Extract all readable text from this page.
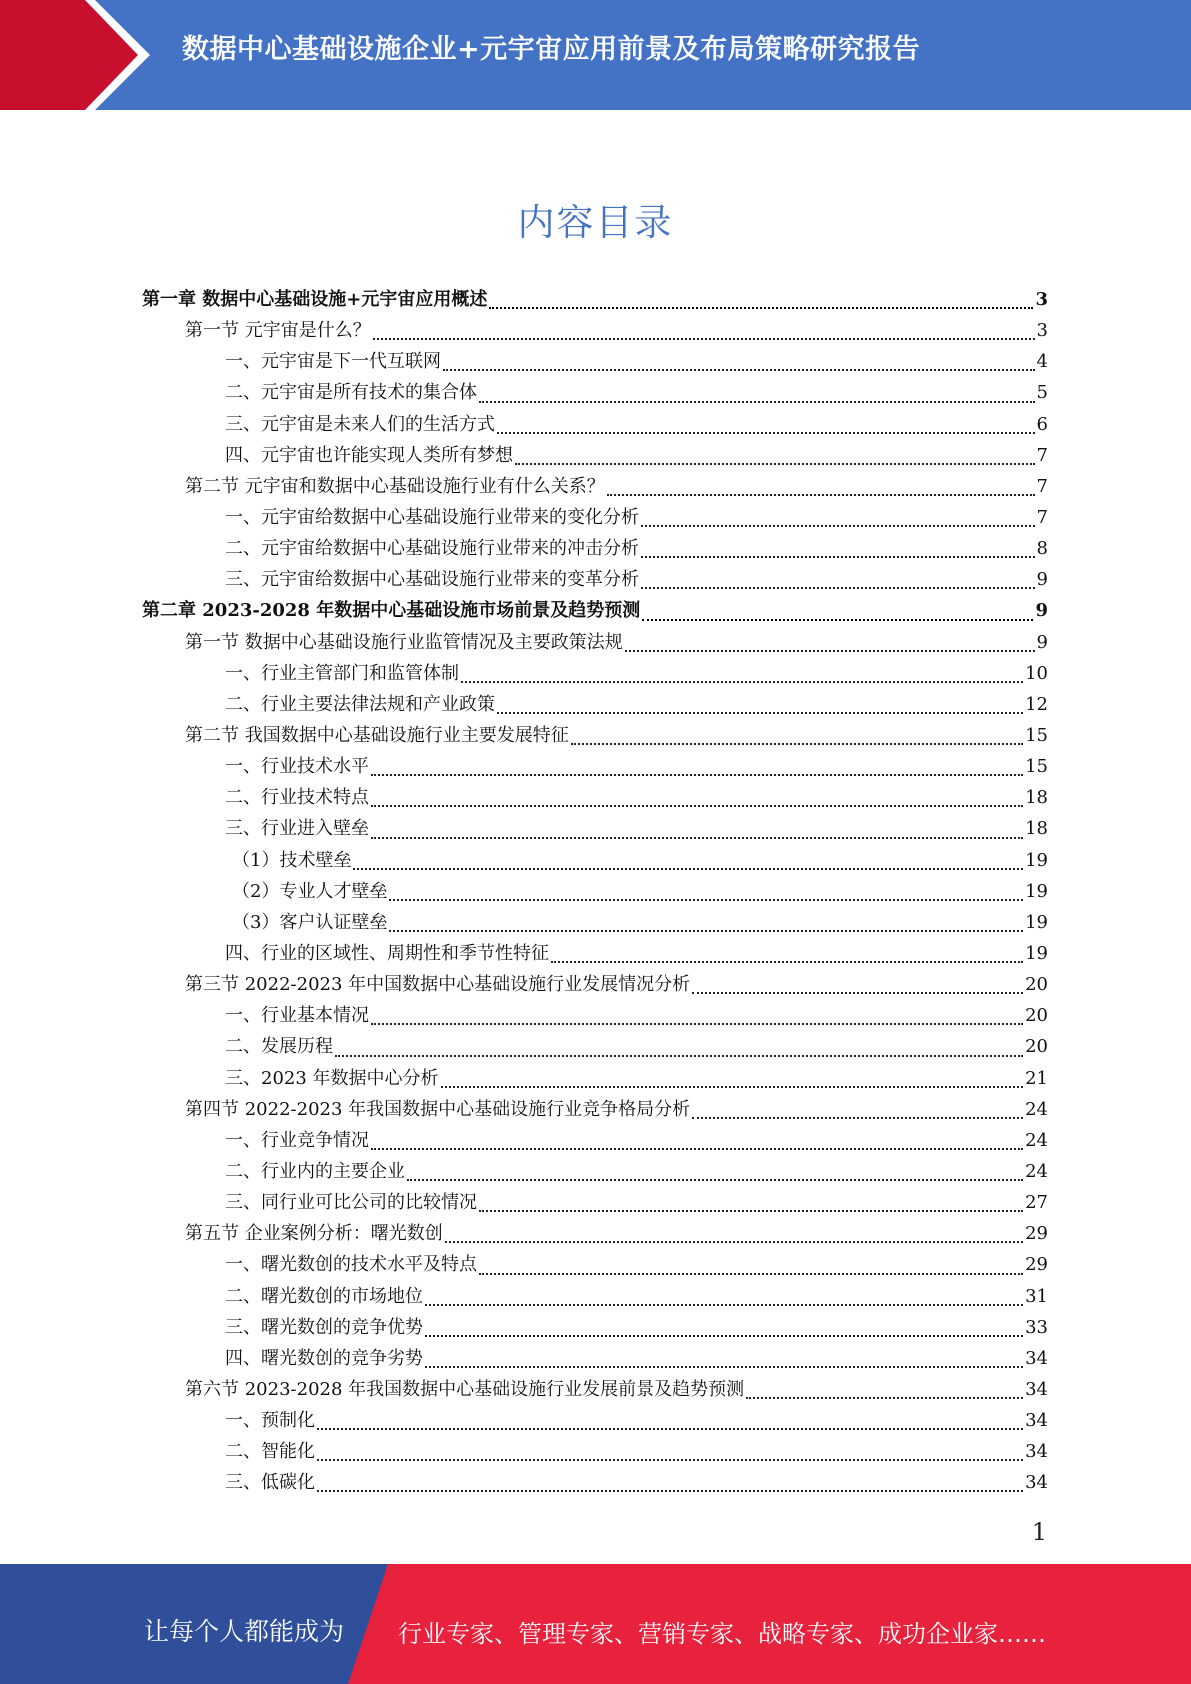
数据中心基础设施企业+元宇宙应用前景及布局策略研究报告
内容目录
第一章 数据中心基础设施+元宇宙应用概述	3
第一节 元宇宙是什么？	3
一、元宇宙是下一代互联网	4
二、元宇宙是所有技术的集合体	5
三、元宇宙是未来人们的生活方式	6
四、元宇宙也许能实现人类所有梦想	7
第二节 元宇宙和数据中心基础设施行业有什么关系？	7
一、元宇宙给数据中心基础设施行业带来的变化分析	7
二、元宇宙给数据中心基础设施行业带来的冲击分析	8
三、元宇宙给数据中心基础设施行业带来的变革分析	9
第二章 2023-2028 年数据中心基础设施市场前景及趋势预测	9
第一节 数据中心基础设施行业监管情况及主要政策法规	9
一、行业主管部门和监管体制	10
二、行业主要法律法规和产业政策	12
第二节 我国数据中心基础设施行业主要发展特征	15
一、行业技术水平	15
二、行业技术特点	18
三、行业进入壁垒	18
（1）技术壁垒	19
（2）专业人才壁垒	19
（3）客户认证壁垒	19
四、行业的区域性、周期性和季节性特征	19
第三节 2022-2023 年中国数据中心基础设施行业发展情况分析	20
一、行业基本情况	20
二、发展历程	20
三、2023 年数据中心分析	21
第四节 2022-2023 年我国数据中心基础设施行业竞争格局分析	24
一、行业竞争情况	24
二、行业内的主要企业	24
三、同行业可比公司的比较情况	27
第五节 企业案例分析：曙光数创	29
一、曙光数创的技术水平及特点	29
二、曙光数创的市场地位	31
三、曙光数创的竞争优势	33
四、曙光数创的竞争劣势	34
第六节 2023-2028 年我国数据中心基础设施行业发展前景及趋势预测	34
一、预制化	34
二、智能化	34
三、低碳化	34
1
让每个人都能成为 行业专家、管理专家、营销专家、战略专家、成功企业家……
